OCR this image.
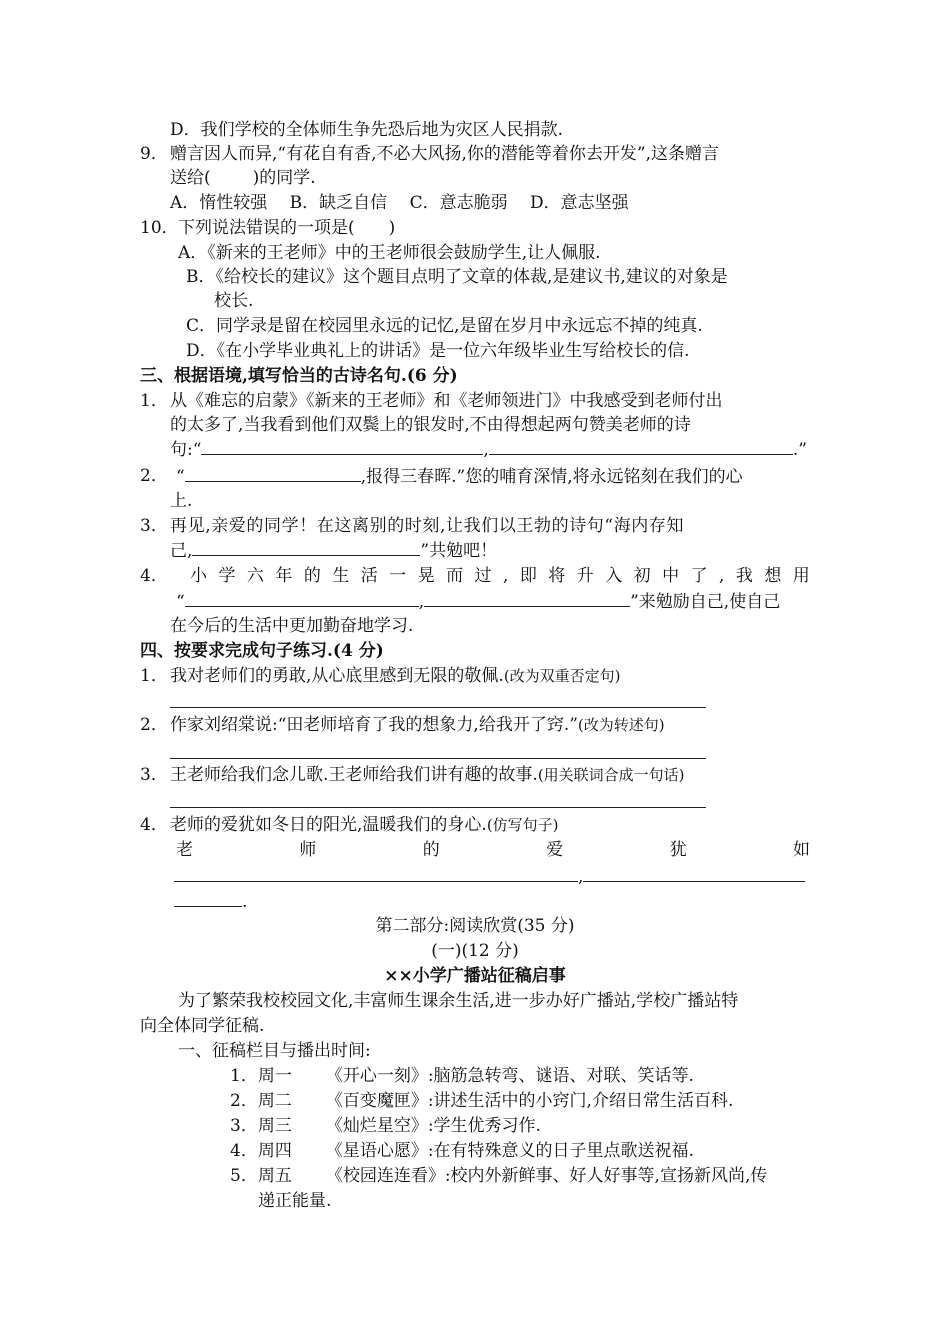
D．我们学校的全体师生争先恐后地为灾区人民捐款.
9． 赠言因人而异,“有花自有香,不必大风扬,你的潜能等着你去开发”,这条赠言
送给( )的同学.
A．惰性较强　 B．缺乏自信　 C．意志脆弱　 D．意志坚强
10． 下列说法错误的一项是( )
A．《新来的王老师》中的王老师很会鼓励学生,让人佩服.
B．《给校长的建议》这个题目点明了文章的体裁,是建议书,建议的对象是
校长.
C．同学录是留在校园里永远的记忆,是留在岁月中永远忘不掉的纯真.
D．《在小学毕业典礼上的讲话》是一位六年级毕业生写给校长的信.
三、根据语境,填写恰当的古诗名句.(6 分)
1． 从《难忘的启蒙》《新来的王老师》和《老师领进门》中我感受到老师付出
的太多了,当我看到他们双鬓上的银发时,不由得想起两句赞美老师的诗
句:“	,	.”
2． “	,报得三春晖.”您的哺育深情,将永远铭刻在我们的心
上.
3． 再见,亲爱的同学！在这离别的时刻,让我们以王勃的诗句“海内存知
己,	”共勉吧！
4． 小 学 六 年 的 生 活 一 晃 而 过 , 即 将 升 入 初 中 了 , 我 想 用
“	,	”来勉励自己,使自己
在今后的生活中更加勤奋地学习.
四、按要求完成句子练习.(4 分)
1． 我对老师们的勇敢,从心底里感到无限的敬佩.(改为双重否定句)
2． 作家刘绍棠说:“田老师培育了我的想象力,给我开了窍.”(改为转述句)
3． 王老师给我们念儿歌.王老师给我们讲有趣的故事.(用关联词合成一句话)
4． 老师的爱犹如冬日的阳光,温暖我们的身心.(仿写句子)
老	师	的	爱	犹	如
,
.
第二部分:阅读欣赏(35 分)
(一)(12 分)
××小学广播站征稿启事
为了繁荣我校校园文化,丰富师生课余生活,进一步办好广播站,学校广播站特
向全体同学征稿.
一、征稿栏目与播出时间:
1．周一 《开心一刻》:脑筋急转弯、谜语、对联、笑话等.
2．周二 《百变魔匣》:讲述生活中的小窍门,介绍日常生活百科.
3．周三 《灿烂星空》:学生优秀习作.
4．周四 《星语心愿》:在有特殊意义的日子里点歌送祝福.
5．周五 《校园连连看》:校内外新鲜事、好人好事等,宣扬新风尚,传
递正能量.
